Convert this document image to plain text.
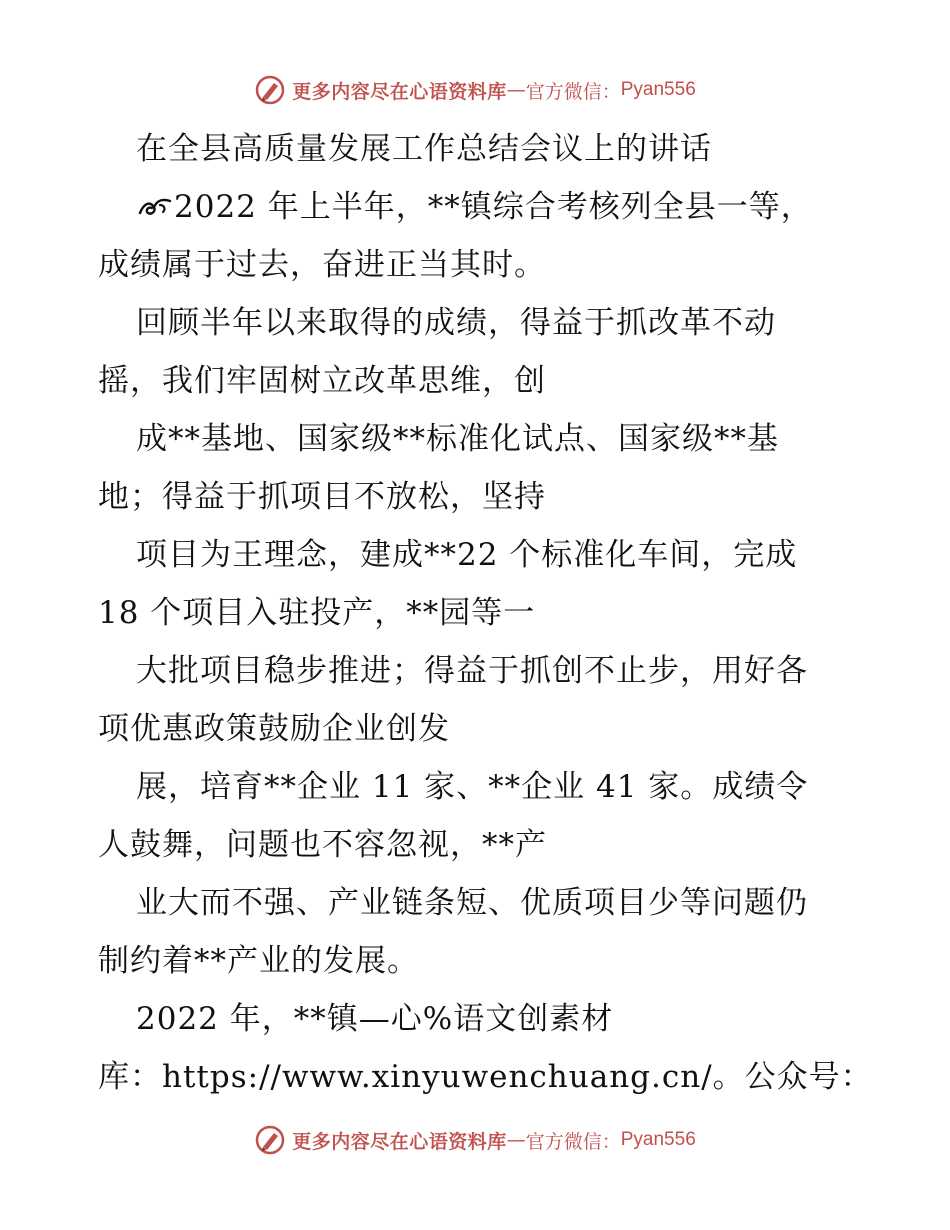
更多内容尽在心语资料库 — 官方微信： Pyan556
在全县高质量发展工作总结会议上的讲话
2022 年上半年，**镇综合考核列全县一等，
成绩属于过去，奋进正当其时。
回顾半年以来取得的成绩，得益于抓改革不动
摇，我们牢固树立改革思维，创
成**基地、国家级**标准化试点、国家级**基
地；得益于抓项目不放松，坚持
项目为王理念，建成**22 个标准化车间，完成
18 个项目入驻投产，**园等一
大批项目稳步推进；得益于抓创不止步，用好各
项优惠政策鼓励企业创发
展，培育**企业 11 家、**企业 41 家。成绩令
人鼓舞，问题也不容忽视，**产
业大而不强、产业链条短、优质项目少等问题仍
制约着**产业的发展。
2022 年，**镇—心%语文创素材
库：https://www.xinyuwenchuang.cn/。公众号：
更多内容尽在心语资料库 — 官方微信： Pyan556
